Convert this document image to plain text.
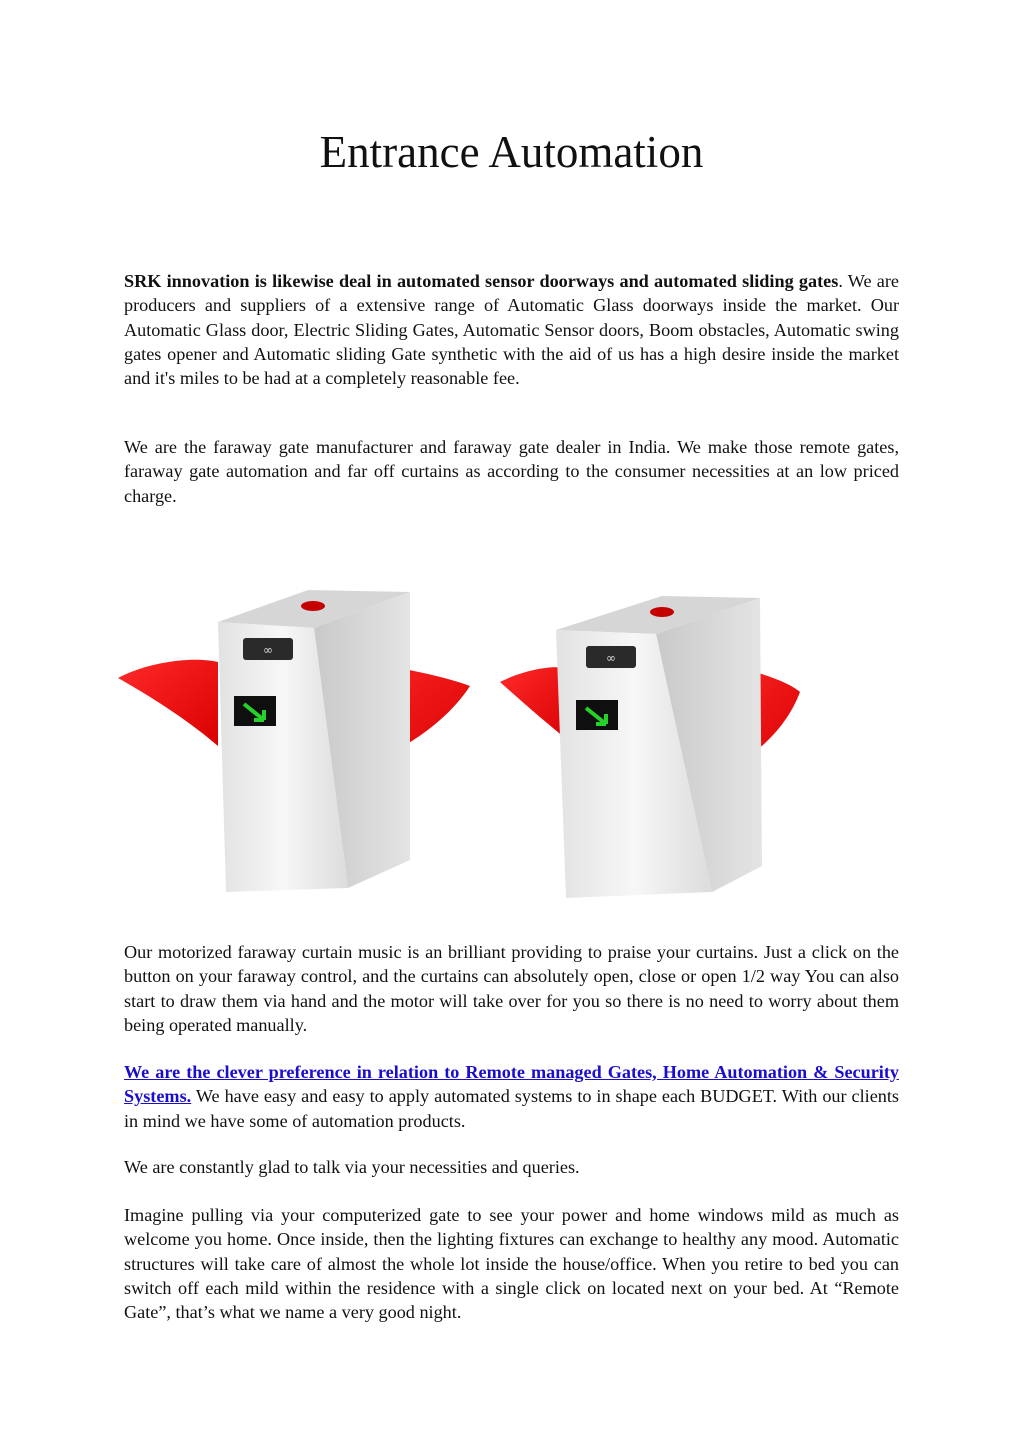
Entrance Automation

SRK innovation is likewise deal in automated sensor doorways and automated sliding gates. We are producers and suppliers of a extensive range of Automatic Glass doorways inside the market. Our Automatic Glass door, Electric Sliding Gates, Automatic Sensor doors, Boom obstacles, Automatic swing gates opener and Automatic sliding Gate synthetic with the aid of us has a high desire inside the market and it's miles to be had at a completely reasonable fee.

We are the faraway gate manufacturer and faraway gate dealer in India. We make those remote gates, faraway gate automation and far off curtains as according to the consumer necessities at an low priced charge.

∞
∞

Our motorized faraway curtain music is an brilliant providing to praise your curtains. Just a click on the button on your faraway control, and the curtains can absolutely open, close or open 1/2 way You can also start to draw them via hand and the motor will take over for you so there is no need to worry about them being operated manually.

We are the clever preference in relation to Remote managed Gates, Home Automation & Security Systems. We have easy and easy to apply automated systems to in shape each BUDGET. With our clients in mind we have some of automation products.

We are constantly glad to talk via your necessities and queries.

Imagine pulling via your computerized gate to see your power and home windows mild as much as welcome you home. Once inside, then the lighting fixtures can exchange to healthy any mood. Automatic structures will take care of almost the whole lot inside the house/office. When you retire to bed you can switch off each mild within the residence with a single click on located next on your bed. At “Remote Gate”, that’s what we name a very good night.
